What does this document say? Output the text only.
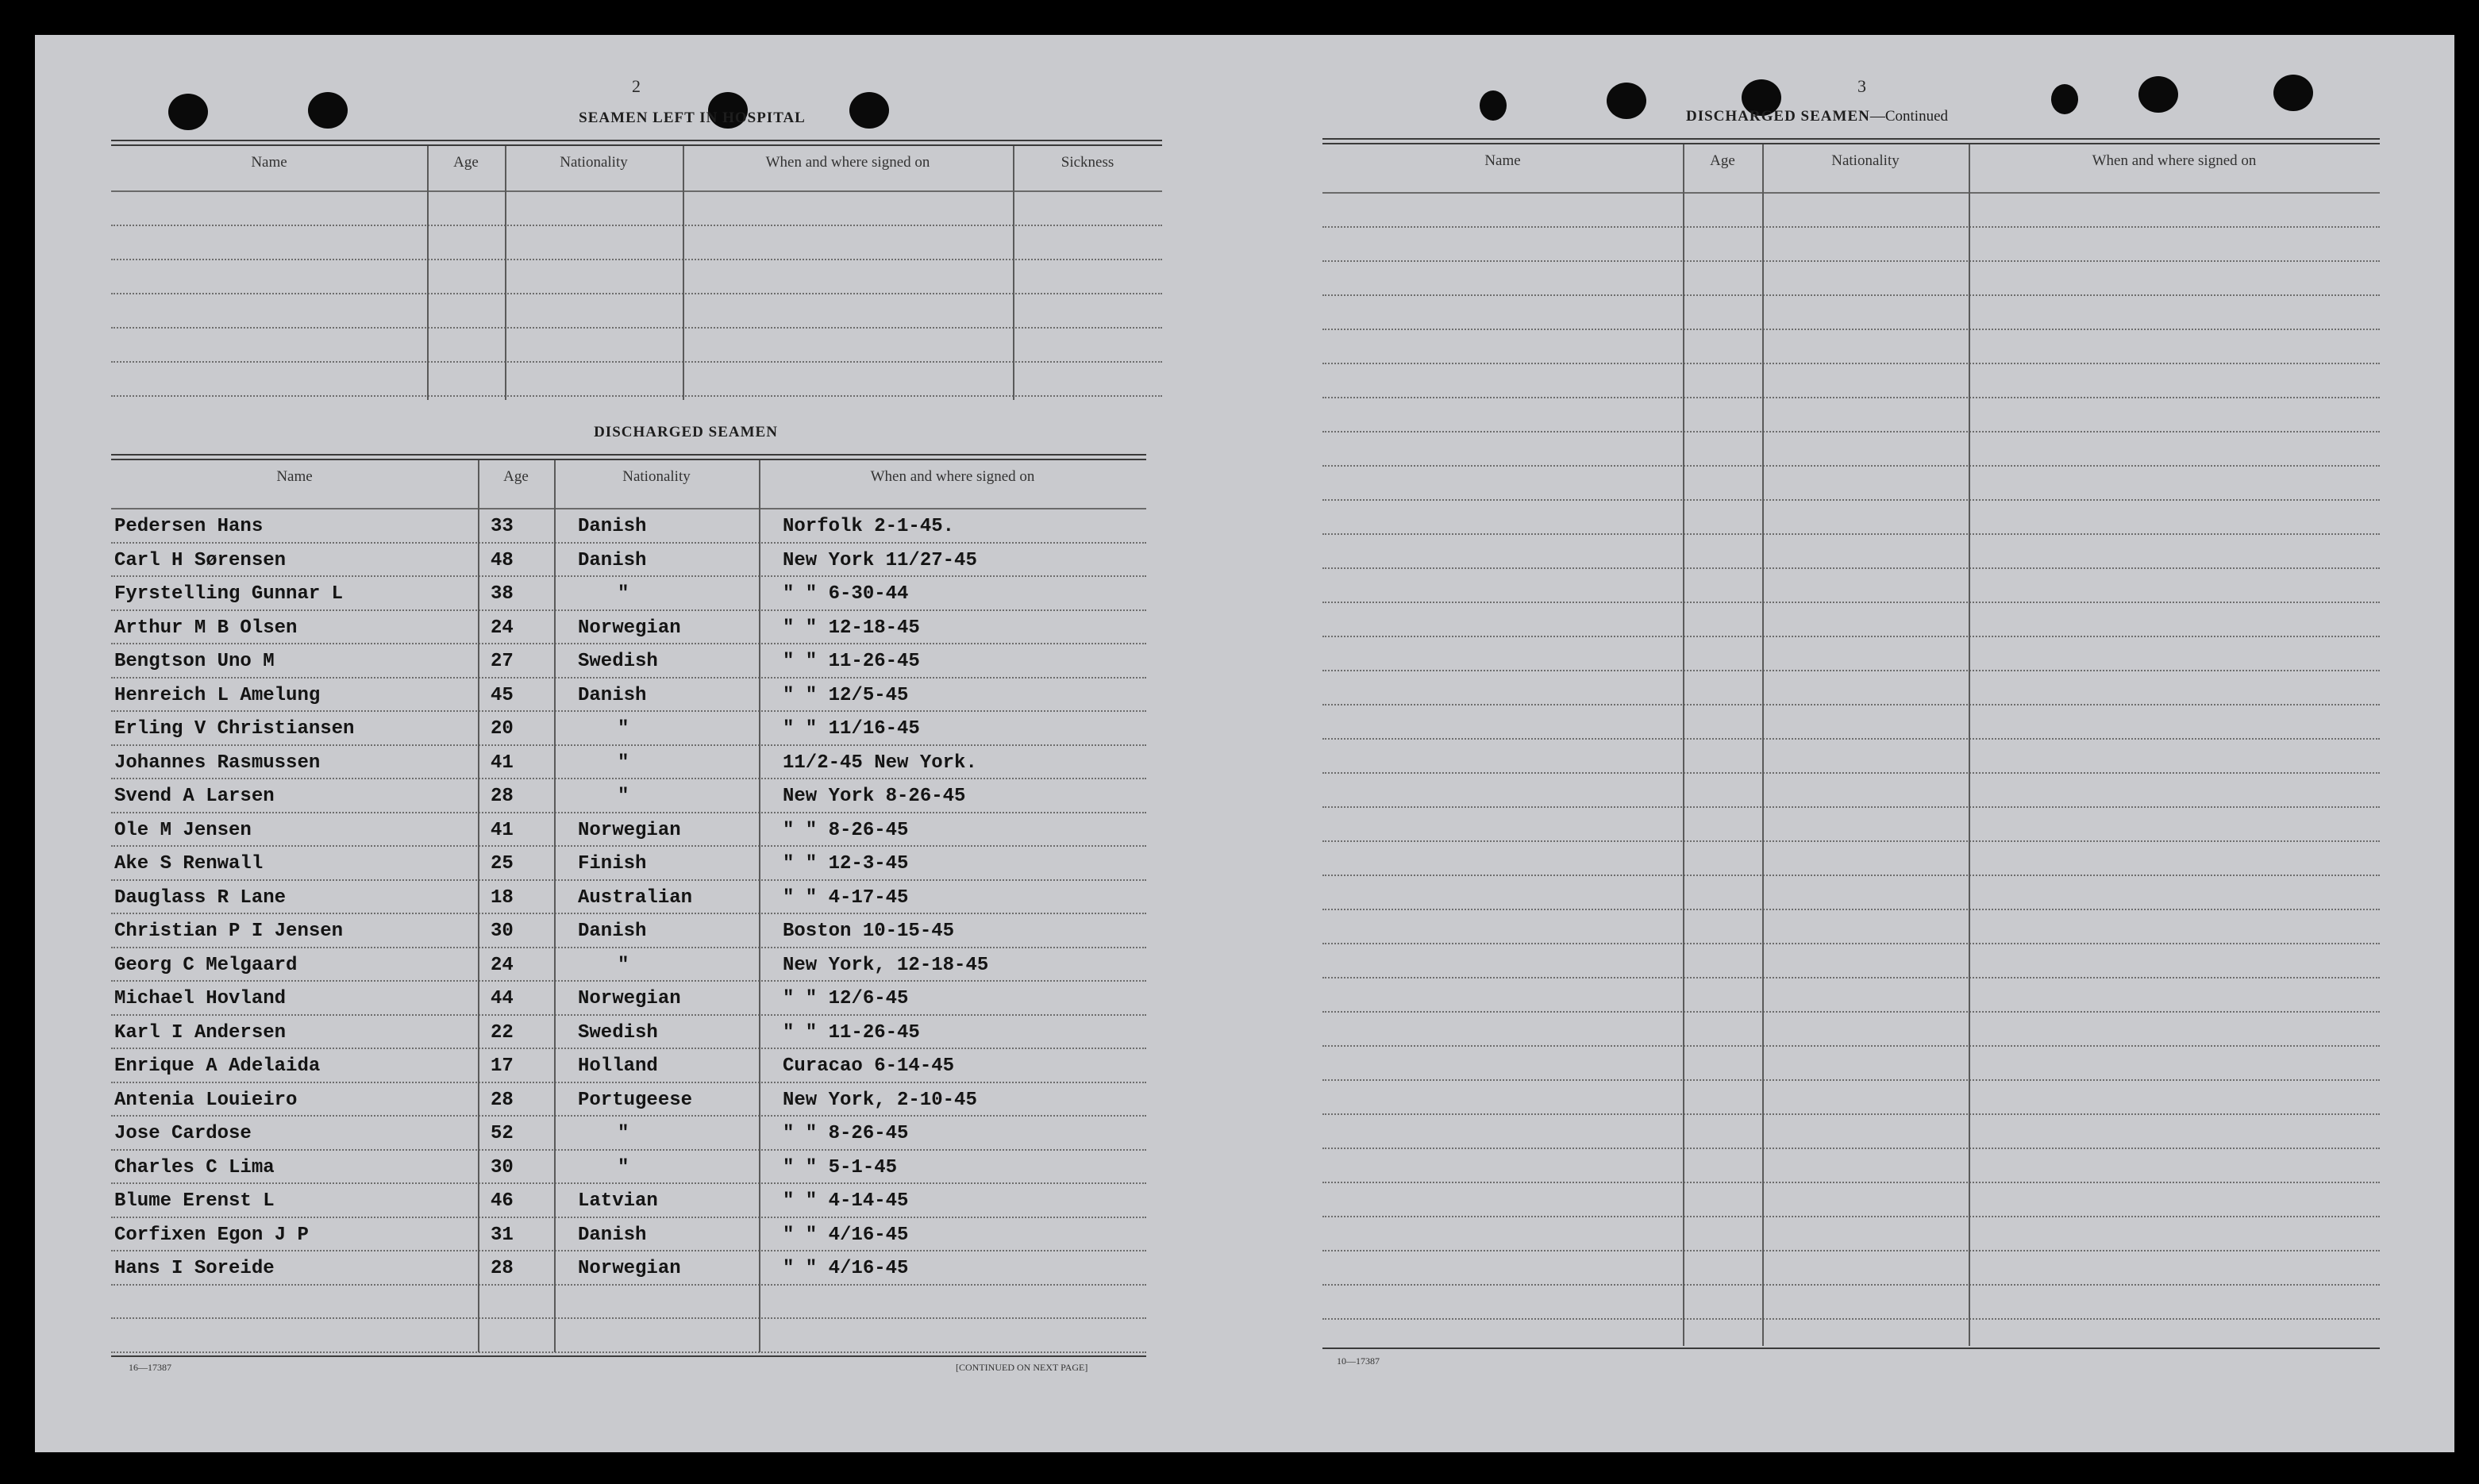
2
SEAMEN LEFT IN HOSPITAL
Name	Age	Nationality	When and where signed on	Sickness
DISCHARGED SEAMEN
Name	Age	Nationality	When and where signed on
Pedersen Hans	33	Danish	Norfolk 2-1-45.
Carl H Sørensen	48	Danish	New York 11/27-45
Fyrstelling Gunnar L	38	"	" " 6-30-44
Arthur M B Olsen	24	Norwegian	" " 12-18-45
Bengtson Uno M	27	Swedish	" " 11-26-45
Henreich L Amelung	45	Danish	" " 12/5-45
Erling V Christiansen	20	"	" " 11/16-45
Johannes Rasmussen	41	"	11/2-45 New York.
Svend A Larsen	28	"	New York 8-26-45
Ole M Jensen	41	Norwegian	" " 8-26-45
Ake S Renwall	25	Finish	" " 12-3-45
Dauglass R Lane	18	Australian	" " 4-17-45
Christian P I Jensen	30	Danish	Boston 10-15-45
Georg C Melgaard	24	"	New York, 12-18-45
Michael Hovland	44	Norwegian	" " 12/6-45
Karl I Andersen	22	Swedish	" " 11-26-45
Enrique A Adelaida	17	Holland	Curacao 6-14-45
Antenia Louieiro	28	Portugeese	New York, 2-10-45
Jose Cardose	52	"	" " 8-26-45
Charles C Lima	30	"	" " 5-1-45
Blume Erenst L	46	Latvian	" " 4-14-45
Corfixen Egon J P	31	Danish	" " 4/16-45
Hans I Soreide	28	Norwegian	" " 4/16-45
16—17387	[CONTINUED ON NEXT PAGE]
3
DISCHARGED SEAMEN—Continued
Name	Age	Nationality	When and where signed on
10—17387
